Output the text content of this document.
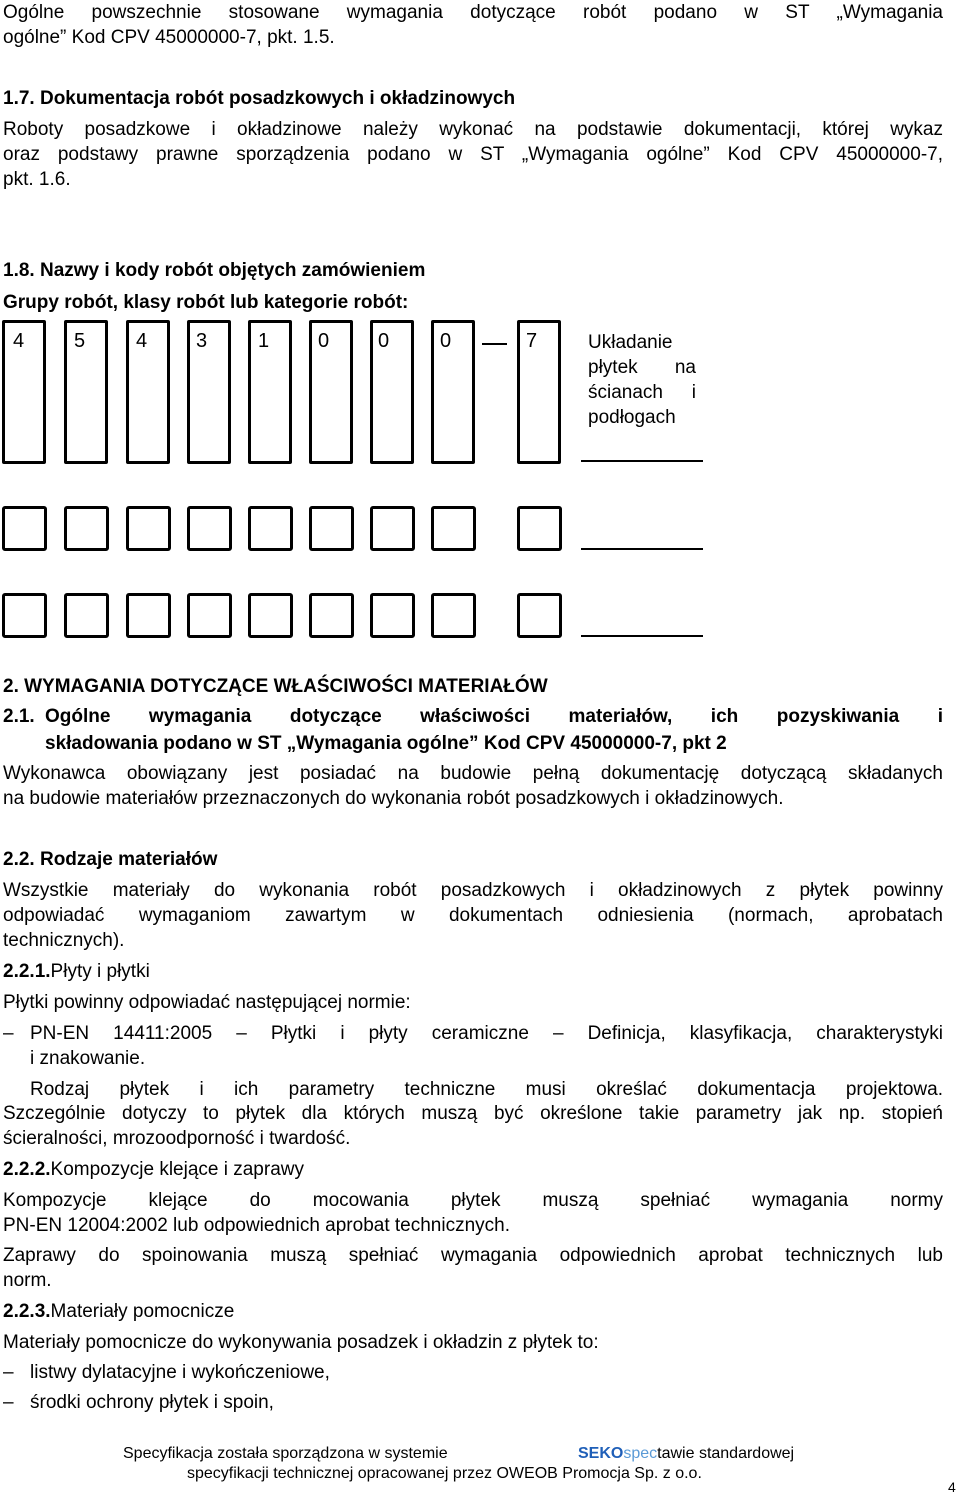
Ogólne powszechnie stosowane wymagania dotyczące robót podano w ST „Wymagania
ogólne” Kod CPV 45000000-7, pkt. 1.5.
1.7. Dokumentacja robót posadzkowych i okładzinowych
Roboty posadzkowe i okładzinowe należy wykonać na podstawie dokumentacji, której wykaz
oraz podstawy prawne sporządzenia podano w ST „Wymagania ogólne” Kod CPV 45000000-7,
pkt. 1.6.
1.8. Nazwy i kody robót objętych zamówieniem
Grupy robót, klasy robót lub kategorie robót:
4 5	4 3	1 0 0	0	7	Układanie
płytek na
ścianach i
podłogach
2. WYMAGANIA DOTYCZĄCE WŁAŚCIWOŚCI MATERIAŁÓW
2.1. Ogólne wymagania dotyczące właściwości materiałów, ich pozyskiwania i
składowania podano w ST „Wymagania ogólne” Kod CPV 45000000-7, pkt 2
Wykonawca obowiązany jest posiadać na budowie pełną dokumentację dotyczącą składanych
na budowie materiałów przeznaczonych do wykonania robót posadzkowych i okładzinowych.
2.2. Rodzaje materiałów
Wszystkie materiały do wykonania robót posadzkowych i okładzinowych z płytek powinny
odpowiadać wymaganiom zawartym w dokumentach odniesienia (normach, aprobatach
technicznych).
2.2.1.Płyty i płytki
Płytki powinny odpowiadać następującej normie:
– PN-EN 14411:2005 – Płytki i płyty ceramiczne – Definicja, klasyfikacja, charakterystyki
i znakowanie.
Rodzaj płytek i ich parametry techniczne musi określać dokumentacja projektowa.
Szczególnie dotyczy to płytek dla których muszą być określone takie parametry jak np. stopień
ścieralności, mrozoodporność i twardość.
2.2.2.Kompozycje klejące i zaprawy
Kompozycje klejące do mocowania płytek muszą spełniać wymagania normy
PN-EN 12004:2002 lub odpowiednich aprobat technicznych.
Zaprawy do spoinowania muszą spełniać wymagania odpowiednich aprobat technicznych lub
norm.
2.2.3.Materiały pomocnicze
Materiały pomocnicze do wykonywania posadzek i okładzin z płytek to:
– listwy dylatacyjne i wykończeniowe,
– środki ochrony płytek i spoin,
Specyfikacja została sporządzona w systemie	SEKOspectawie standardowej
specyfikacji technicznej opracowanej przez OWEOB Promocja Sp. z o.o.
4
